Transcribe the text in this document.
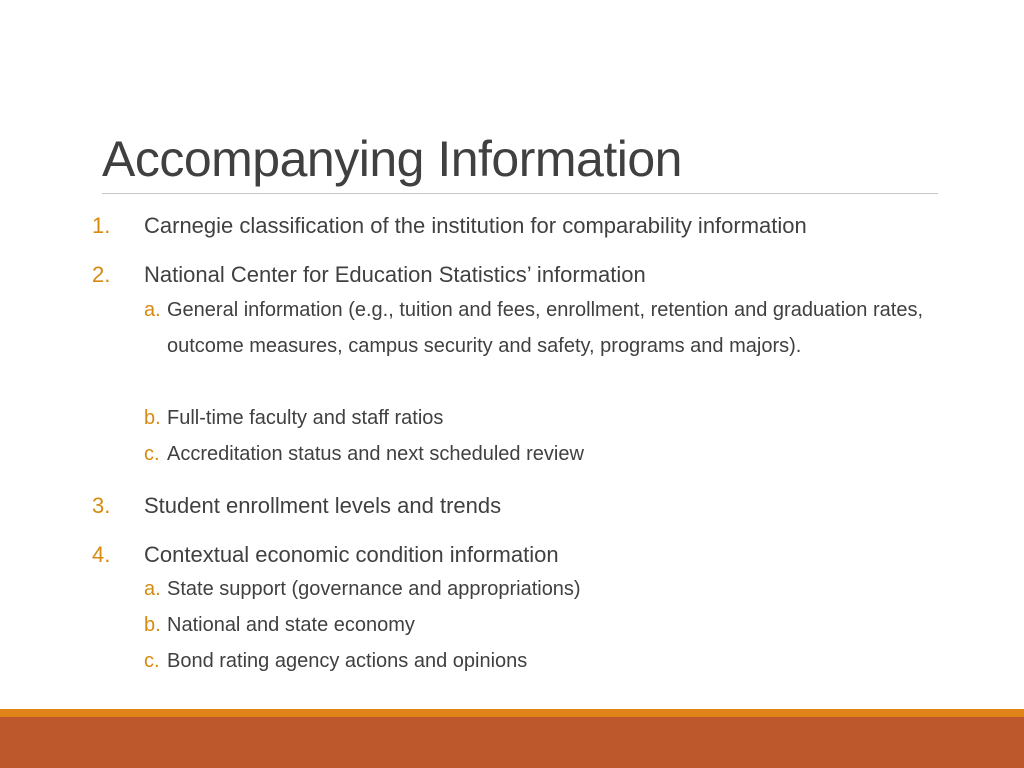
Accompanying Information
1. Carnegie classification of the institution for comparability information
2. National Center for Education Statistics’ information
a. General information (e.g., tuition and fees, enrollment, retention and graduation rates, outcome measures, campus security and safety, programs and majors).
b. Full-time faculty and staff ratios
c. Accreditation status and next scheduled review
3. Student enrollment levels and trends
4. Contextual economic condition information
a. State support (governance and appropriations)
b. National and state economy
c. Bond rating agency actions and opinions
